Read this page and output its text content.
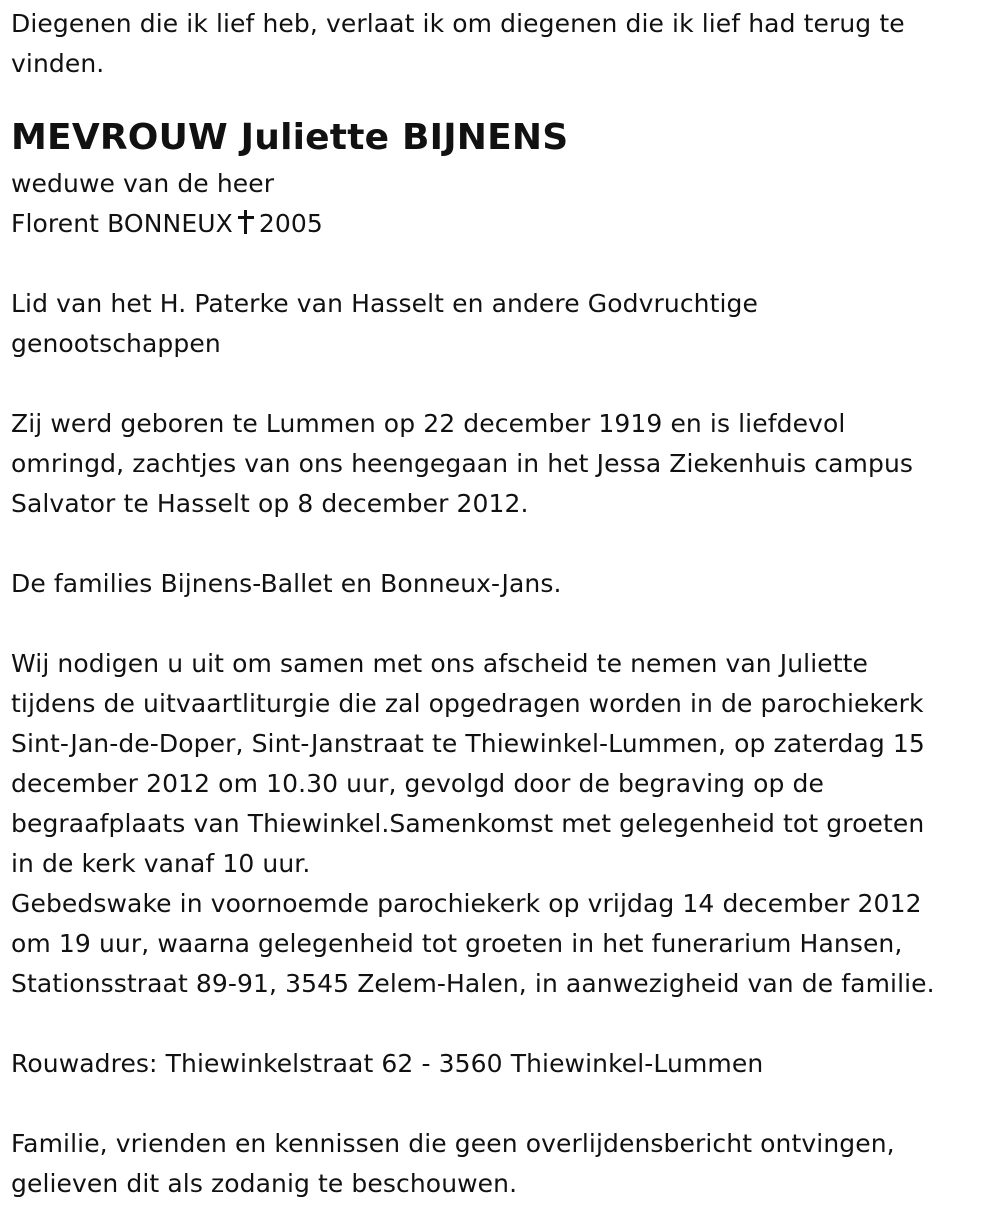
Diegenen die ik lief heb, verlaat ik om diegenen die ik lief had terug te
vinden.
MEVROUW Juliette BIJNENS
weduwe van de heer
Florent BONNEUX 2005
Lid van het H. Paterke van Hasselt en andere Godvruchtige
genootschappen
Zij werd geboren te Lummen op 22 december 1919 en is liefdevol
omringd, zachtjes van ons heengegaan in het Jessa Ziekenhuis campus
Salvator te Hasselt op 8 december 2012.
De families Bijnens-Ballet en Bonneux-Jans.
Wij nodigen u uit om samen met ons afscheid te nemen van Juliette
tijdens de uitvaartliturgie die zal opgedragen worden in de parochiekerk
Sint-Jan-de-Doper, Sint-Janstraat te Thiewinkel-Lummen, op zaterdag 15
december 2012 om 10.30 uur, gevolgd door de begraving op de
begraafplaats van Thiewinkel.Samenkomst met gelegenheid tot groeten
in de kerk vanaf 10 uur.
Gebedswake in voornoemde parochiekerk op vrijdag 14 december 2012
om 19 uur, waarna gelegenheid tot groeten in het funerarium Hansen,
Stationsstraat 89-91, 3545 Zelem-Halen, in aanwezigheid van de familie.
Rouwadres: Thiewinkelstraat 62 - 3560 Thiewinkel-Lummen
Familie, vrienden en kennissen die geen overlijdensbericht ontvingen,
gelieven dit als zodanig te beschouwen.
